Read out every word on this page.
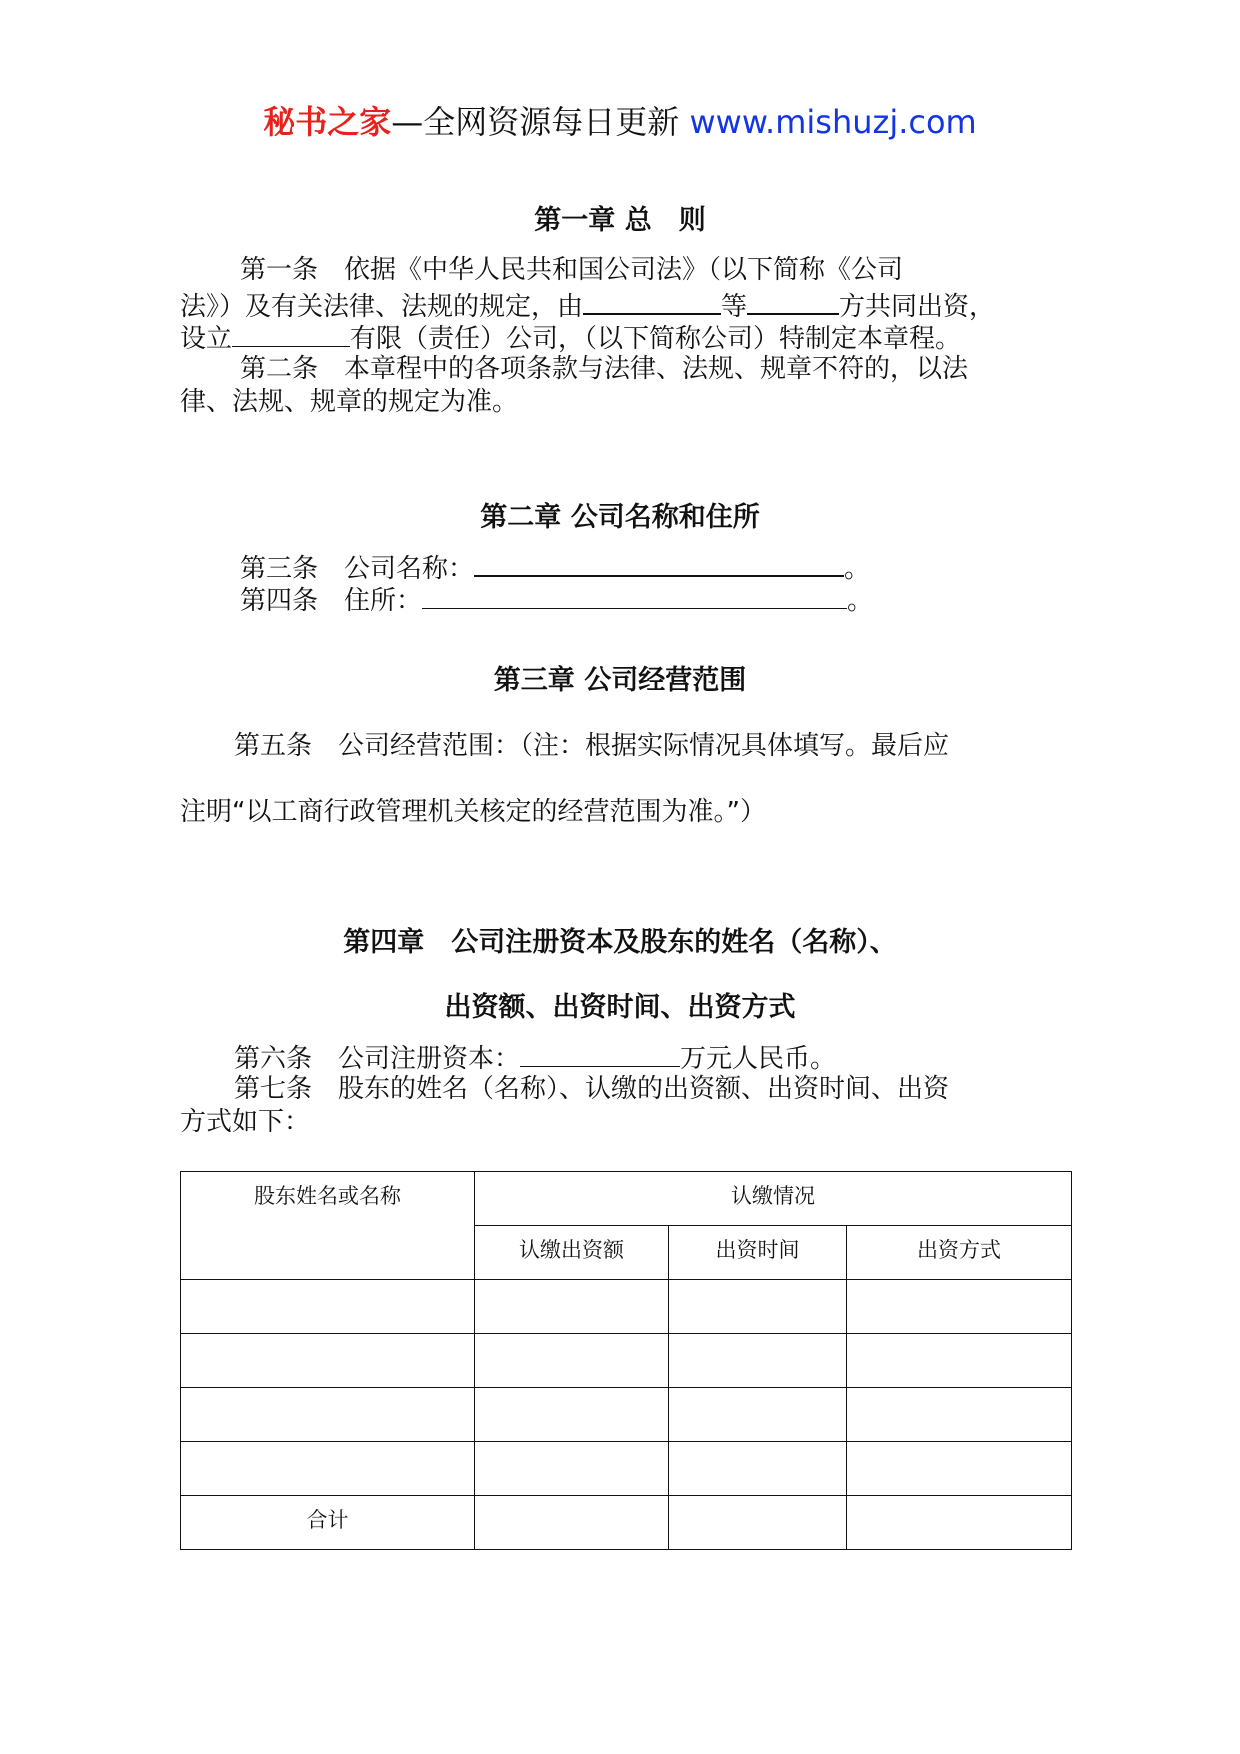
秘书之家—全网资源每日更新 www.mishuzj.com
第一章 总　则
第一条　依据《中华人民共和国公司法》（以下简称《公司
法》）及有关法律、法规的规定，由	等	方共同出资，
设立	有限（责任）公司，（以下简称公司）特制定本章程。
第二条　本章程中的各项条款与法律、法规、规章不符的，以法
律、法规、规章的规定为准。
第二章 公司名称和住所
第三条　公司名称：	。
第四条　住所：	。
第三章 公司经营范围
第五条　公司经营范围：（注：根据实际情况具体填写。最后应
注明“以工商行政管理机关核定的经营范围为准。”）
第四章　公司注册资本及股东的姓名（名称）、
出资额、出资时间、出资方式
第六条　公司注册资本：	万元人民币。
第七条　股东的姓名（名称）、认缴的出资额、出资时间、出资
方式如下：
股东姓名或名称	认缴情况		
	认缴出资额	出资时间	出资方式

合计			
